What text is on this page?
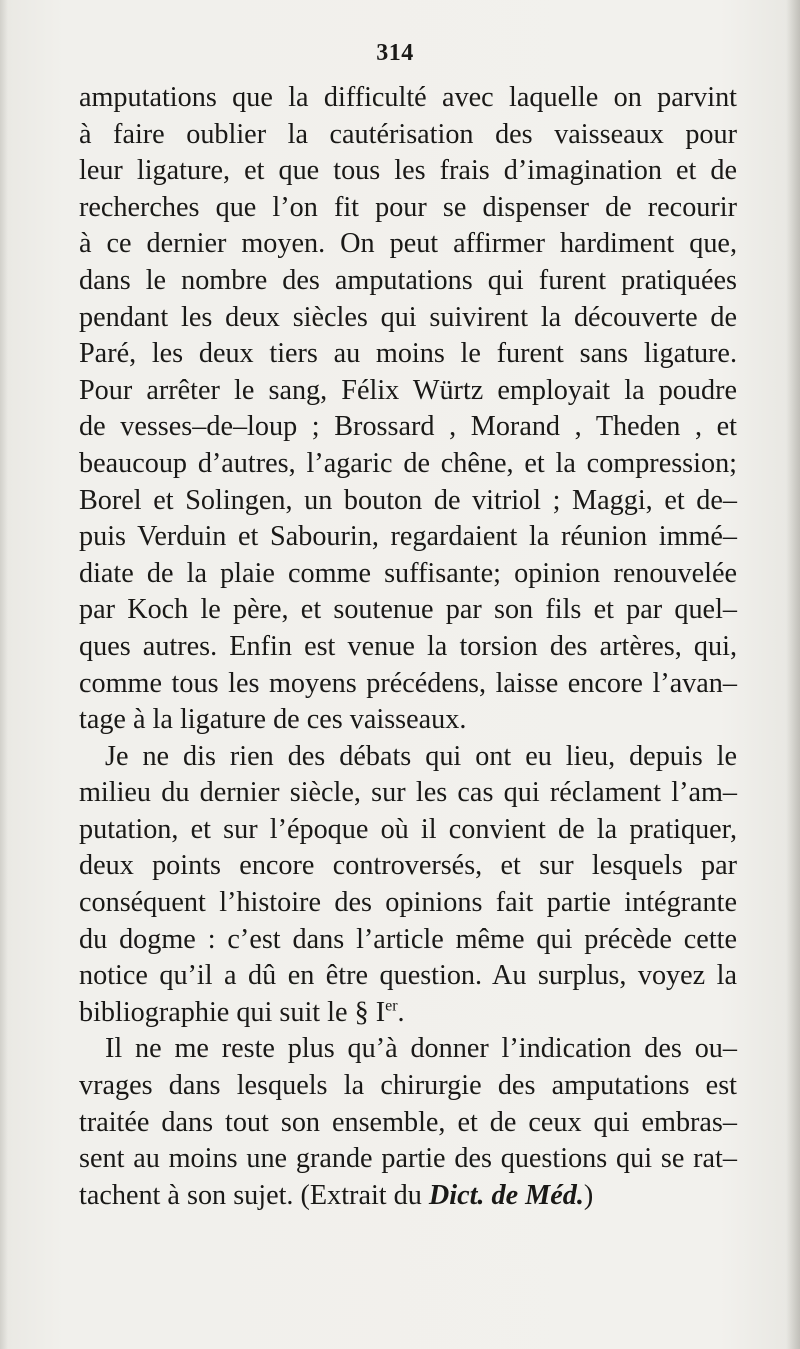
314
amputations que la difficulté avec laquelle on parvint
à faire oublier la cautérisation des vaisseaux pour
leur ligature, et que tous les frais d’imagination et de
recherches que l’on fit pour se dispenser de recourir
à ce dernier moyen. On peut affirmer hardiment que,
dans le nombre des amputations qui furent pratiquées
pendant les deux siècles qui suivirent la découverte de
Paré, les deux tiers au moins le furent sans ligature.
Pour arrêter le sang, Félix Würtz employait la poudre
de vesses–de–loup ; Brossard , Morand , Theden , et
beaucoup d’autres, l’agaric de chêne, et la compression;
Borel et Solingen, un bouton de vitriol ; Maggi, et de–
puis Verduin et Sabourin, regardaient la réunion immé–
diate de la plaie comme suffisante; opinion renouvelée
par Koch le père, et soutenue par son fils et par quel–
ques autres. Enfin est venue la torsion des artères, qui,
comme tous les moyens précédens, laisse encore l’avan–
tage à la ligature de ces vaisseaux.
Je ne dis rien des débats qui ont eu lieu, depuis le
milieu du dernier siècle, sur les cas qui réclament l’am–
putation, et sur l’époque où il convient de la pratiquer,
deux points encore controversés, et sur lesquels par
conséquent l’histoire des opinions fait partie intégrante
du dogme : c’est dans l’article même qui précède cette
notice qu’il a dû en être question. Au surplus, voyez la
bibliographie qui suit le § Ier.
Il ne me reste plus qu’à donner l’indication des ou–
vrages dans lesquels la chirurgie des amputations est
traitée dans tout son ensemble, et de ceux qui embras–
sent au moins une grande partie des questions qui se rat–
tachent à son sujet. (Extrait du Dict. de Méd.)
